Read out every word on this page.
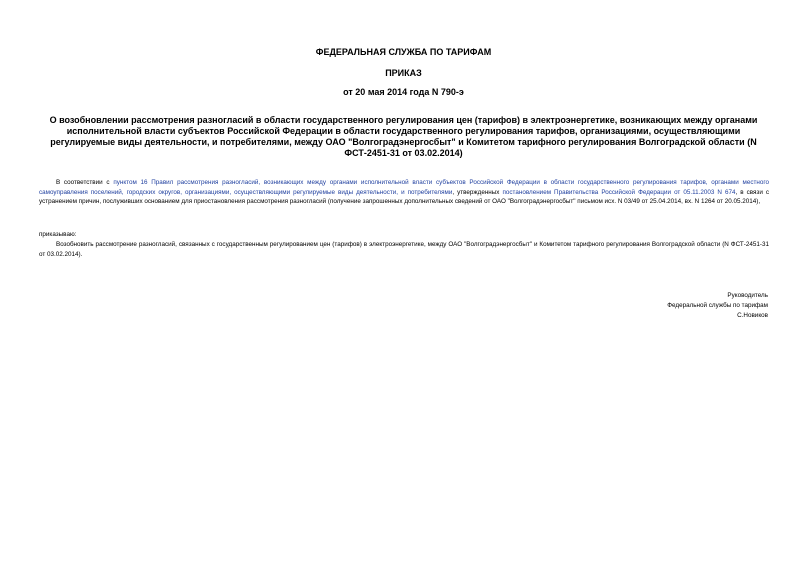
ФЕДЕРАЛЬНАЯ СЛУЖБА ПО ТАРИФАМ
ПРИКАЗ
от 20 мая 2014 года N 790-э
О возобновлении рассмотрения разногласий в области государственного регулирования цен (тарифов) в электроэнергетике, возникающих между органами исполнительной власти субъектов Российской Федерации в области государственного регулирования тарифов, организациями, осуществляющими регулируемые виды деятельности, и потребителями, между ОАО "Волгоградэнергосбыт" и Комитетом тарифного регулирования Волгоградской области (N ФСТ-2451-31 от 03.02.2014)
В соответствии с пунктом 16 Правил рассмотрения разногласий, возникающих между органами исполнительной власти субъектов Российской Федерации в области государственного регулирования тарифов, органами местного самоуправления поселений, городских округов, организациями, осуществляющими регулируемые виды деятельности, и потребителями, утвержденных постановлением Правительства Российской Федерации от 05.11.2003 N 674, в связи с устранением причин, послуживших основанием для приостановления рассмотрения разногласий (получение запрошенных дополнительных сведений от ОАО "Волгоградэнергосбыт" письмом исх. N 03/49 от 25.04.2014, вх. N 1264 от 20.05.2014),
приказываю:
Возобновить рассмотрение разногласий, связанных с государственным регулированием цен (тарифов) в электроэнергетике, между ОАО "Волгоградэнергосбыт" и Комитетом тарифного регулирования Волгоградской области (N ФСТ-2451-31 от 03.02.2014).
Руководитель
Федеральной службы по тарифам
С.Новиков
